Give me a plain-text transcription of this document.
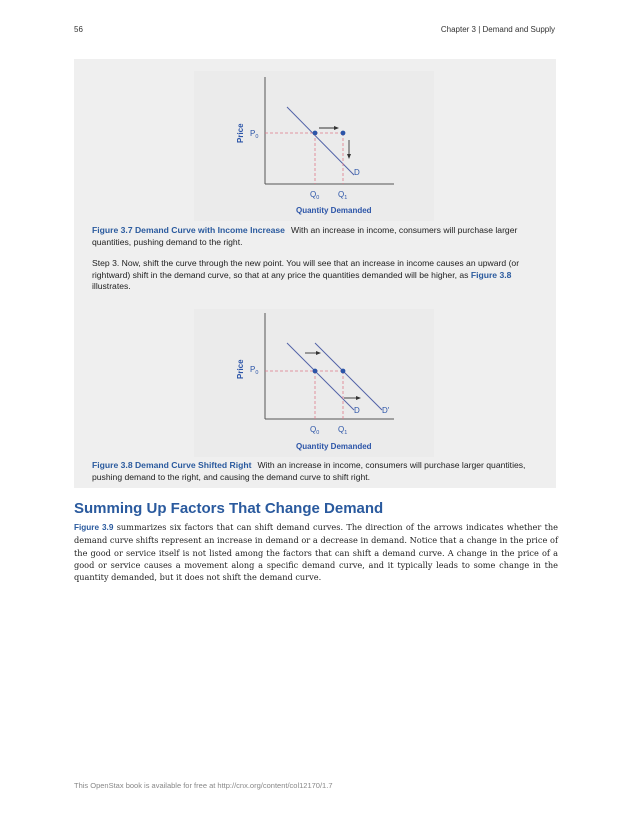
56	Chapter 3 | Demand and Supply
Price $P_0$
D
$Q_0$ $Q_1$
Quantity Demanded
Figure 3.7 Demand Curve with Income Increase With an increase in income, consumers will purchase larger quantities, pushing demand to the right.
Step 3. Now, shift the curve through the new point. You will see that an increase in income causes an upward (or rightward) shift in the demand curve, so that at any price the quantities demanded will be higher, as Figure 3.8 illustrates.
Price $P_0$
D	D'
$Q_0$ $Q_1$
Quantity Demanded
Figure 3.8 Demand Curve Shifted Right With an increase in income, consumers will purchase larger quantities, pushing demand to the right, and causing the demand curve to shift right.
Summing Up Factors That Change Demand
Figure 3.9 summarizes six factors that can shift demand curves. The direction of the arrows indicates whether the demand curve shifts represent an increase in demand or a decrease in demand. Notice that a change in the price of the good or service itself is not listed among the factors that can shift a demand curve. A change in the price of a good or service causes a movement along a specific demand curve, and it typically leads to some change in the quantity demanded, but it does not shift the demand curve.
This OpenStax book is available for free at http://cnx.org/content/col12170/1.7
